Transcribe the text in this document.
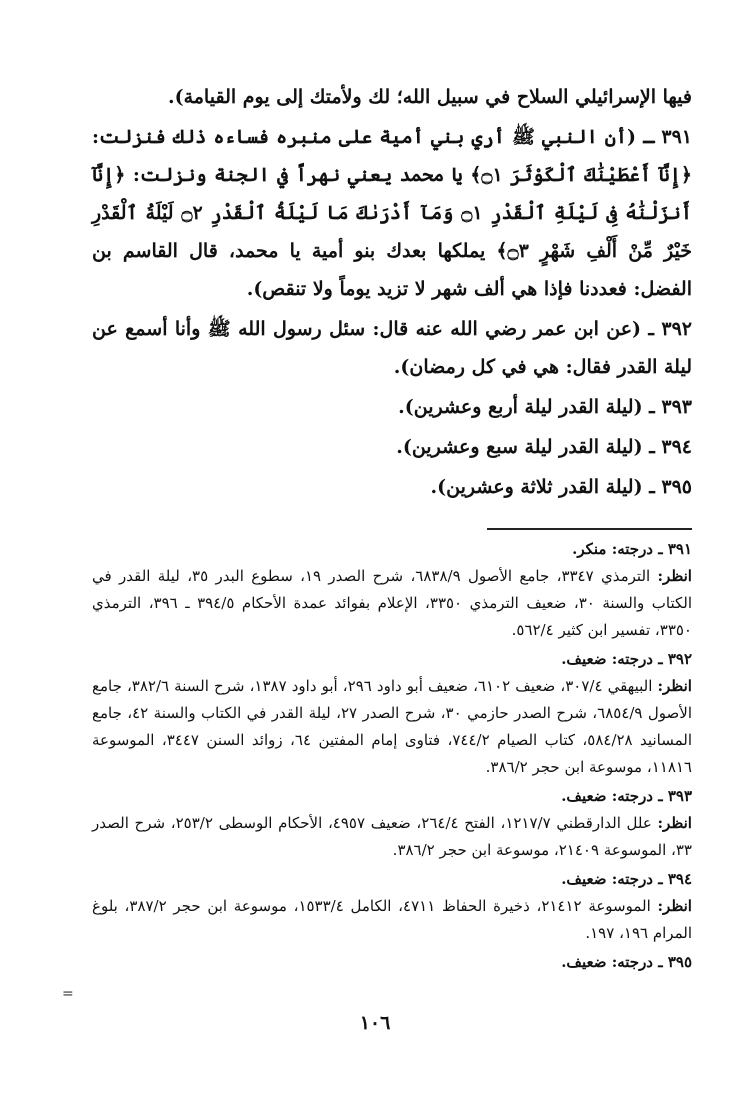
فيها الإسرائيلي السلاح في سبيل الله؛ لك ولأمتك إلى يوم القيامة).

٣٩١ ـ (أن النبي ﷺ أري بني أمية على منبره فساءه ذلك فنزلت: ﴿إِنَّآ أَعْطَيْنَٰكَ ٱلْكَوْثَرَ ۝١﴾ يا محمد يعني نهراً في الجنة ونزلت: ﴿إِنَّآ أَنزَلْنَٰهُ فِى لَيْلَةِ ٱلْقَدْرِ ۝١ وَمَآ أَدْرَىٰكَ مَا لَيْلَةُ ٱلْقَدْرِ ۝٢ لَيْلَةُ ٱلْقَدْرِ خَيْرٌ مِّنْ أَلْفِ شَهْرٍ ۝٣﴾ يملكها بعدك بنو أمية يا محمد، قال القاسم بن الفضل: فعددنا فإذا هي ألف شهر لا تزيد يوماً ولا تنقص).

٣٩٢ ـ (عن ابن عمر رضي الله عنه قال: سئل رسول الله ﷺ وأنا أسمع عن ليلة القدر فقال: هي في كل رمضان).

٣٩٣ ـ (ليلة القدر ليلة أربع وعشرين).

٣٩٤ ـ (ليلة القدر ليلة سبع وعشرين).

٣٩٥ ـ (ليلة القدر ثلاثة وعشرين).

٣٩١ ـ درجته: منكر.

انظر: الترمذي ٣٣٤٧، جامع الأصول ٦٨٣٨/٩، شرح الصدر ١٩، سطوع البدر ٣٥، ليلة القدر في الكتاب والسنة ٣٠، ضعيف الترمذي ٣٣٥٠، الإعلام بفوائد عمدة الأحكام ٣٩٤/٥ ـ ٣٩٦، الترمذي ٣٣٥٠، تفسير ابن كثير ٥٦٢/٤.

٣٩٢ ـ درجته: ضعيف.

انظر: البيهقي ٣٠٧/٤، ضعيف ٦١٠٢، ضعيف أبو داود ٢٩٦، أبو داود ١٣٨٧، شرح السنة ٣٨٢/٦، جامع الأصول ٦٨٥٤/٩، شرح الصدر حازمي ٣٠، شرح الصدر ٢٧، ليلة القدر في الكتاب والسنة ٤٢، جامع المسانيد ٥٨٤/٢٨، كتاب الصيام ٧٤٤/٢، فتاوى إمام المفتين ٦٤، زوائد السنن ٣٤٤٧، الموسوعة ١١٨١٦، موسوعة ابن حجر ٣٨٦/٢.

٣٩٣ ـ درجته: ضعيف.

انظر: علل الدارقطني ١٢١٧/٧، الفتح ٢٦٤/٤، ضعيف ٤٩٥٧، الأحكام الوسطى ٢٥٣/٢، شرح الصدر ٣٣، الموسوعة ٢١٤٠٩، موسوعة ابن حجر ٣٨٦/٢.

٣٩٤ ـ درجته: ضعيف.

انظر: الموسوعة ٢١٤١٢، ذخيرة الحفاظ ٤٧١١، الكامل ١٥٣٣/٤، موسوعة ابن حجر ٣٨٧/٢، بلوغ المرام ١٩٦، ١٩٧.

٣٩٥ ـ درجته: ضعيف.

=
١٠٦
